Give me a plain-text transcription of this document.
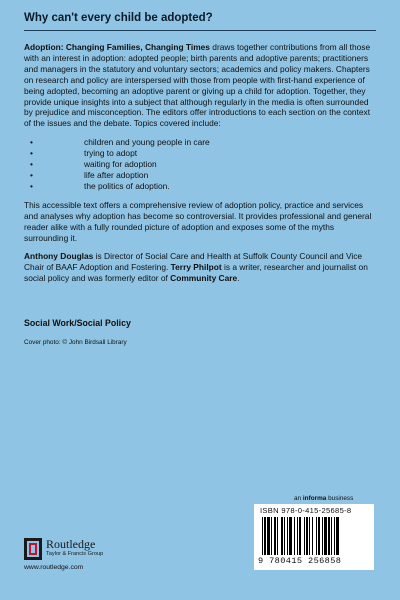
Why can't every child be adopted?

Adoption: Changing Families, Changing Times draws together contributions from all those with an interest in adoption: adopted people; birth parents and adoptive parents; practitioners and managers in the statutory and voluntary sectors; academics and policy makers. Chapters on research and policy are interspersed with those from people with first-hand experience of being adopted, becoming an adoptive parent or giving up a child for adoption. Together, they provide unique insights into a subject that although regularly in the media is often surrounded by prejudice and misconception. The editors offer introductions to each section on the context of the issues and the debate. Topics covered include:

• children and young people in care
• trying to adopt
• waiting for adoption
• life after adoption
• the politics of adoption.

This accessible text offers a comprehensive review of adoption policy, practice and services and analyses why adoption has become so controversial. It provides professional and general reader alike with a fully rounded picture of adoption and exposes some of the myths surrounding it.

Anthony Douglas is Director of Social Care and Health at Suffolk County Council and Vice Chair of BAAF Adoption and Fostering. Terry Philpot is a writer, researcher and journalist on social policy and was formerly editor of Community Care.

Social Work/Social Policy
Cover photo: © John Birdsall Library
an informa business
ISBN 978-0-415-25685-8
9 780415 256858
Routledge
Taylor & Francis Group
www.routledge.com
